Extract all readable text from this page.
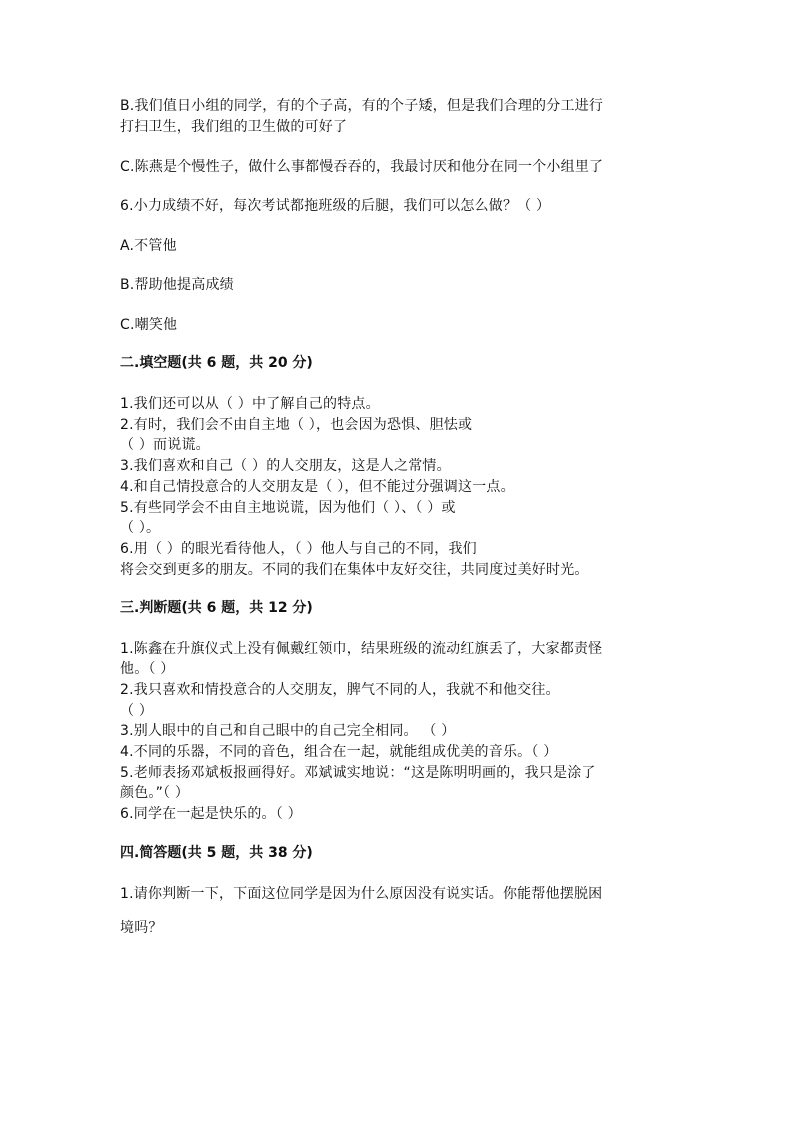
B.我们值日小组的同学，有的个子高，有的个子矮，但是我们合理的分工进行
打扫卫生，我们组的卫生做的可好了
C.陈燕是个慢性子，做什么事都慢吞吞的，我最讨厌和他分在同一个小组里了
6.小力成绩不好，每次考试都拖班级的后腿，我们可以怎么做？（ ）
A.不管他
B.帮助他提高成绩
C.嘲笑他
二.填空题(共 6 题，共 20 分)
1.我们还可以从（ ）中了解自己的特点。
2.有时，我们会不由自主地（ ），也会因为恐惧、胆怯或
（ ）而说谎。
3.我们喜欢和自己（ ）的人交朋友，这是人之常情。
4.和自己情投意合的人交朋友是（ ），但不能过分强调这一点。
5.有些同学会不由自主地说谎，因为他们（ ）、（ ）或
（ ）。
6.用（ ）的眼光看待他人，（ ）他人与自己的不同，我们
将会交到更多的朋友。不同的我们在集体中友好交往，共同度过美好时光。
三.判断题(共 6 题，共 12 分)
1.陈鑫在升旗仪式上没有佩戴红领巾，结果班级的流动红旗丢了，大家都责怪
他。（ ）
2.我只喜欢和情投意合的人交朋友，脾气不同的人，我就不和他交往。
（ ）
3.别人眼中的自己和自己眼中的自己完全相同。 （ ）
4.不同的乐器，不同的音色，组合在一起，就能组成优美的音乐。（ ）
5.老师表扬邓斌板报画得好。邓斌诚实地说：“这是陈明明画的，我只是涂了
颜色。”（ ）
6.同学在一起是快乐的。（ ）
四.简答题(共 5 题，共 38 分)
1.请你判断一下，下面这位同学是因为什么原因没有说实话。你能帮他摆脱困
境吗？
